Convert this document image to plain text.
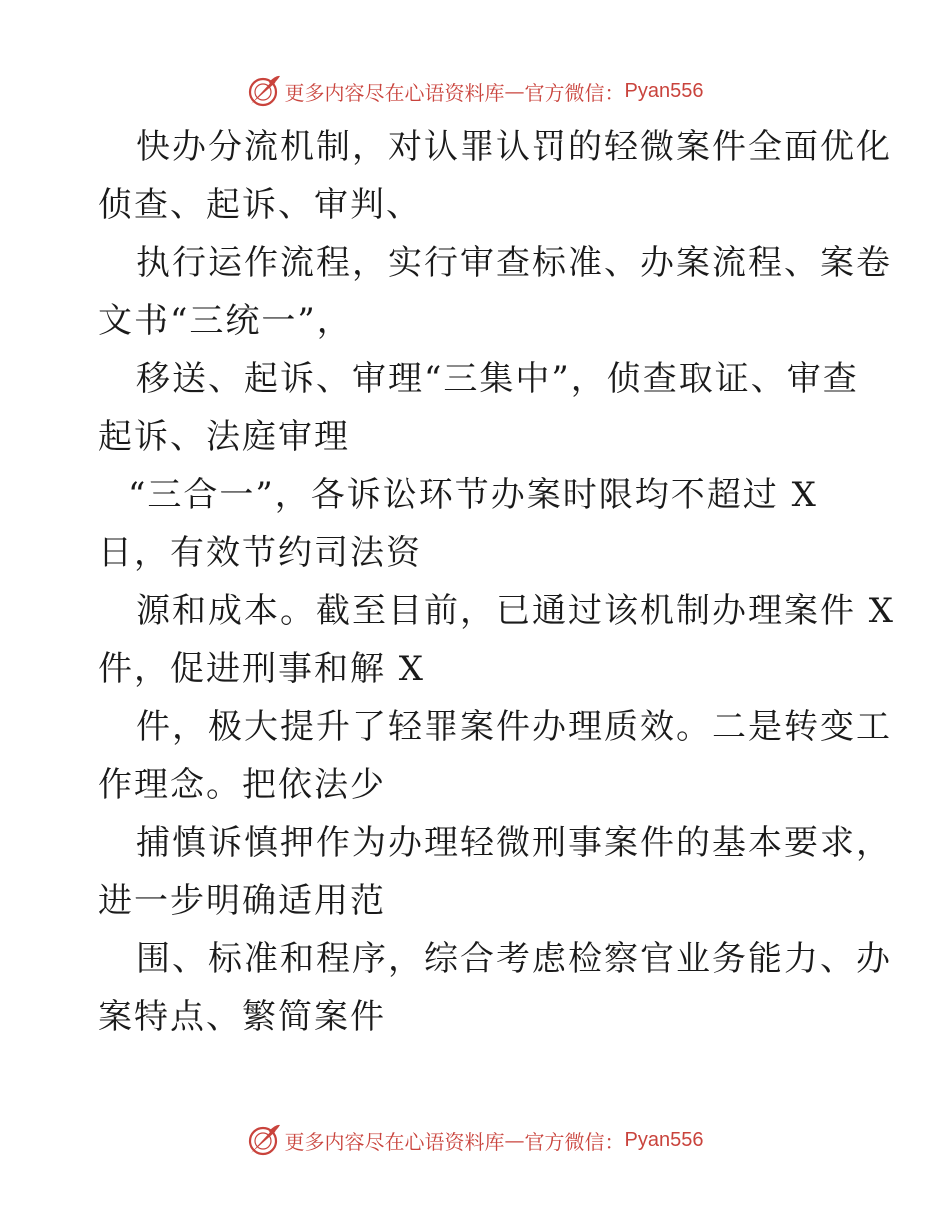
更多内容尽在心语资料库 — 官方微信： Pyan556
快办分流机制，对认罪认罚的轻微案件全面优化
侦查、起诉、审判、
执行运作流程，实行审查标准、办案流程、案卷
文书“三统一”，
移送、起诉、审理“三集中”，侦查取证、审查
起诉、法庭审理
“三合一”，各诉讼环节办案时限均不超过 X
日，有效节约司法资
源和成本。截至目前，已通过该机制办理案件 X
件，促进刑事和解 X
件，极大提升了轻罪案件办理质效。二是转变工
作理念。把依法少
捕慎诉慎押作为办理轻微刑事案件的基本要求，
进一步明确适用范
围、标准和程序，综合考虑检察官业务能力、办
案特点、繁简案件
更多内容尽在心语资料库 — 官方微信： Pyan556
